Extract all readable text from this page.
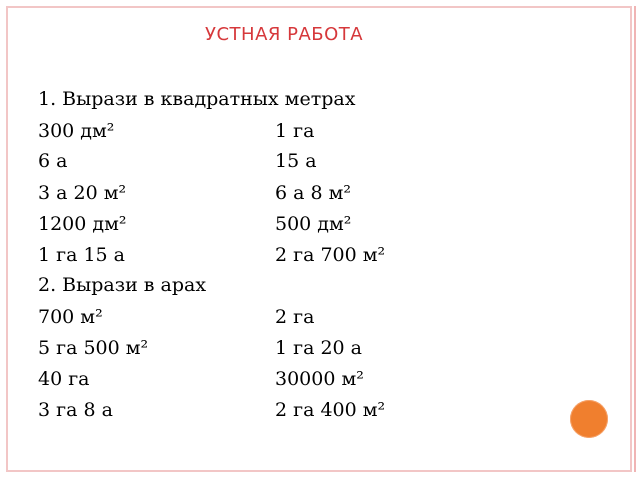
УСТНАЯ РАБОТА
1. Вырази в квадратных метрах
300 дм²	1 га
6 а	15 а
3 а 20 м²	6 а 8 м²
1200 дм²	500 дм²
1 га 15 а	2 га 700 м²
2. Вырази в арах
700 м²	2 га
5 га 500 м²	1 га 20 а
40 га	30000 м²
3 га 8 а	2 га 400 м²
